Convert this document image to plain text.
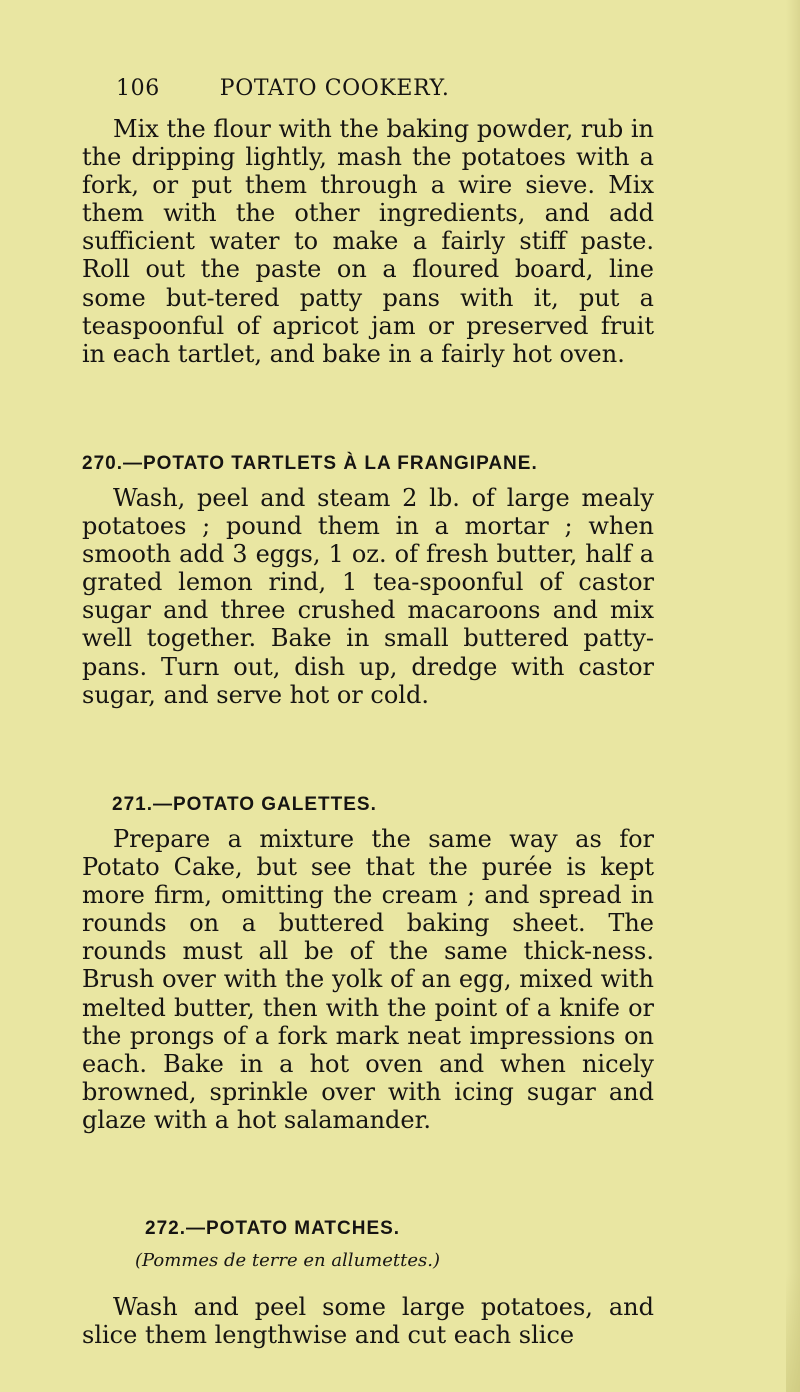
106	POTATO COOKERY.

Mix the flour with the baking powder, rub in the dripping lightly, mash the potatoes with a fork, or put them through a wire sieve. Mix them with the other ingredients, and add sufficient water to make a fairly stiff paste. Roll out the paste on a floured board, line some but-tered patty pans with it, put a teaspoonful of apricot jam or preserved fruit in each tartlet, and bake in a fairly hot oven.

270.—POTATO TARTLETS À LA FRANGIPANE.

Wash, peel and steam 2 lb. of large mealy potatoes ; pound them in a mortar ; when smooth add 3 eggs, 1 oz. of fresh butter, half a grated lemon rind, 1 tea-spoonful of castor sugar and three crushed macaroons and mix well together. Bake in small buttered patty-pans. Turn out, dish up, dredge with castor sugar, and serve hot or cold.

271.—POTATO GALETTES.

Prepare a mixture the same way as for Potato Cake, but see that the purée is kept more firm, omitting the cream ; and spread in rounds on a buttered baking sheet. The rounds must all be of the same thick-ness. Brush over with the yolk of an egg, mixed with melted butter, then with the point of a knife or the prongs of a fork mark neat impressions on each. Bake in a hot oven and when nicely browned, sprinkle over with icing sugar and glaze with a hot salamander.

272.—POTATO MATCHES.

(Pommes de terre en allumettes.)

Wash and peel some large potatoes, and slice them lengthwise and cut each slice
